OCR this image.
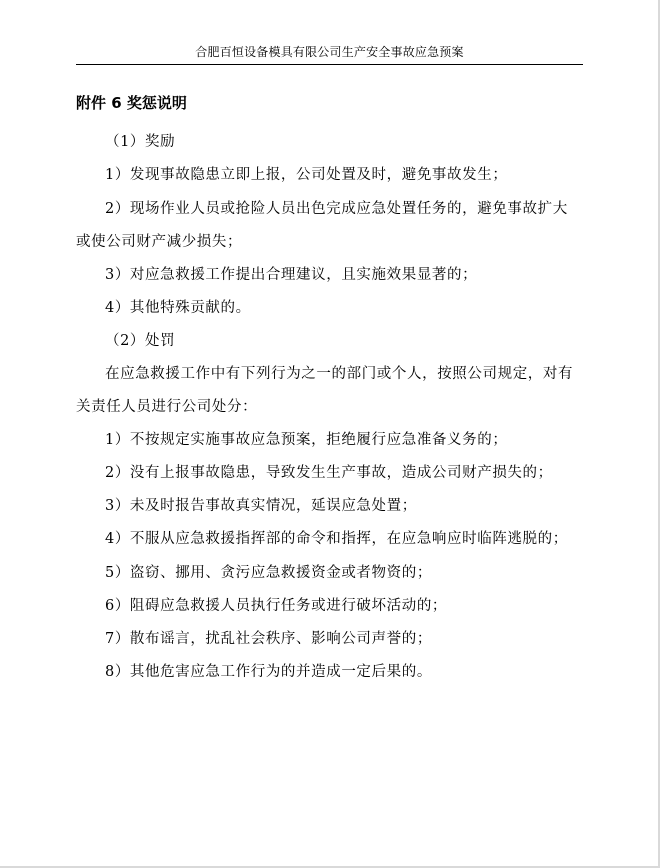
合肥百恒设备模具有限公司生产安全事故应急预案
附件 6 奖惩说明
（1）奖励
1）发现事故隐患立即上报，公司处置及时，避免事故发生；
2）现场作业人员或抢险人员出色完成应急处置任务的，避免事故扩大
或使公司财产减少损失；
3）对应急救援工作提出合理建议，且实施效果显著的；
4）其他特殊贡献的。
（2）处罚
在应急救援工作中有下列行为之一的部门或个人，按照公司规定，对有
关责任人员进行公司处分：
1）不按规定实施事故应急预案，拒绝履行应急准备义务的；
2）没有上报事故隐患，导致发生生产事故，造成公司财产损失的；
3）未及时报告事故真实情况，延误应急处置；
4）不服从应急救援指挥部的命令和指挥，在应急响应时临阵逃脱的；
5）盗窃、挪用、贪污应急救援资金或者物资的；
6）阻碍应急救援人员执行任务或进行破坏活动的；
7）散布谣言，扰乱社会秩序、影响公司声誉的；
8）其他危害应急工作行为的并造成一定后果的。
